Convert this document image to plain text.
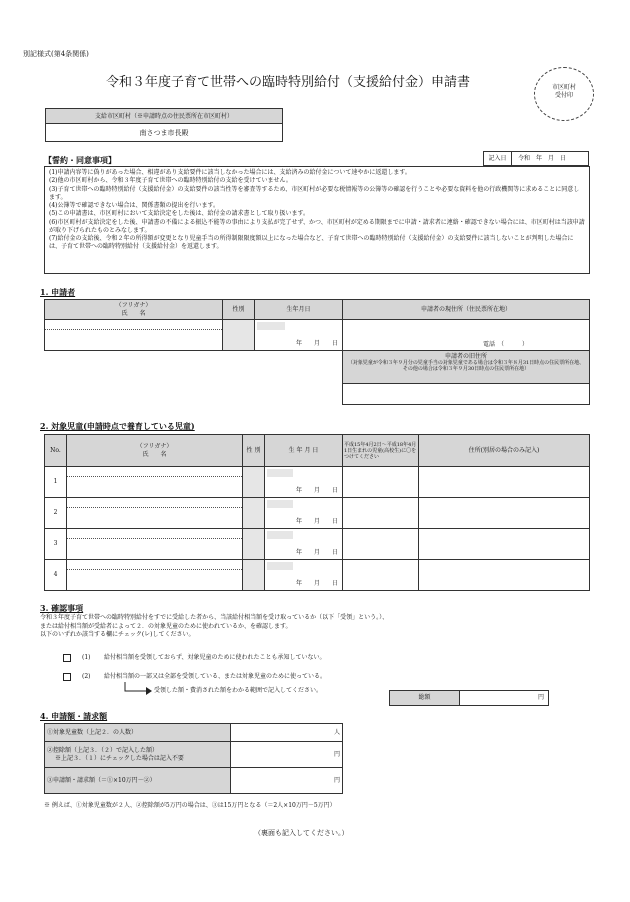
別記様式(第4条関係)
令和３年度子育て世帯への臨時特別給付（支援給付金）申請書	市区町村
受付印
支給市区町村（※申請時点の住民票所在市区町村）
南さつま市長殿
記入日	令和　年　月　日
【誓約・同意事項】
(1)申請内容等に偽りがあった場合、相違があり支給要件に該当しなかった場合には、支給済みの給付金について速やかに返還します。
(2)他の市区町村から、令和３年度子育て世帯への臨時特別給付の支給を受けていません。
(3)子育て世帯への臨時特別給付（支援給付金）の支給要件の該当性等を審査等するため、市区町村が必要な税情報等の公簿等の確認を行うことや必要な資料を他の行政機関等に求めることに同意します。
(4)公簿等で確認できない場合は、関係書類の提出を行います。
(5)この申請書は、市区町村において支給決定をした後は、給付金の請求書として取り扱います。
(6)市区町村が支給決定をした後、申請書の不備による振込不能等の事由により支払が完了せず、かつ、市区町村が定める期限までに申請・請求者に連絡・確認できない場合には、市区町村は当該申請が取り下げられたものとみなします。
(7)給付金の支給後、令和２年の所得額が変更となり児童手当の所得制限限度額以上になった場合など、子育て世帯への臨時特別給付（支援給付金）の支給要件に該当しないことが判明した場合には、子育て世帯への臨時特別給付（支援給付金）を返還します。
1. 申請者
（フリガナ）
氏　　名	性別	生年月日	申請者の現住所（住民票所在地）

		年　　月　　日	電話　（　　　）
申請者の旧住所
（対象児童が令和３年９月分の児童手当の対象児童である場合は令和３年８月31日時点の住民票所在地、その他の場合は令和３年９月30日時点の住民票所在地）
2. 対象児童(申請時点で養育している児童)
No.	（フリガナ）
氏　　名	性 別	生 年 月 日	平成15年4月2日～平成18年4月1日生まれの児童(高校生)に〇をつけてください	住所(別居の場合のみ記入)
1			年　　月　　日		

2			年　　月　　日		

3			年　　月　　日		

4			年　　月　　日		

3. 確認事項
令和３年度子育て世帯への臨時特別給付をすでに受給した者から、当該給付相当額を受け取っているか（以下「受領」という。）、
または給付相当額が受給者によって２．の対象児童のために使われているか、を確認します。
以下のいずれか該当する欄にチェック(レ)してください。
(1) 給付相当額を受領しておらず、対象児童のために使われたことも承知していない。
(2) 給付相当額の一部又は全部を受領している、または対象児童のために使っている。
受領した額・費消された額をわかる範囲で記入してください。
総額	円
4. 申請額・請求額
①対象児童数（上記２．の人数）	人

②控除額（上記３．（２）で記入した額）
※上記３．（１）にチェックした場合は記入不要	円
③申請額・請求額（＝①×10万円－②）	円
※ 例えば、①対象児童数が２人、②控除額が5万円の場合は、③は15万円となる（＝2人×10万円－5万円）
（裏面も記入してください。）
